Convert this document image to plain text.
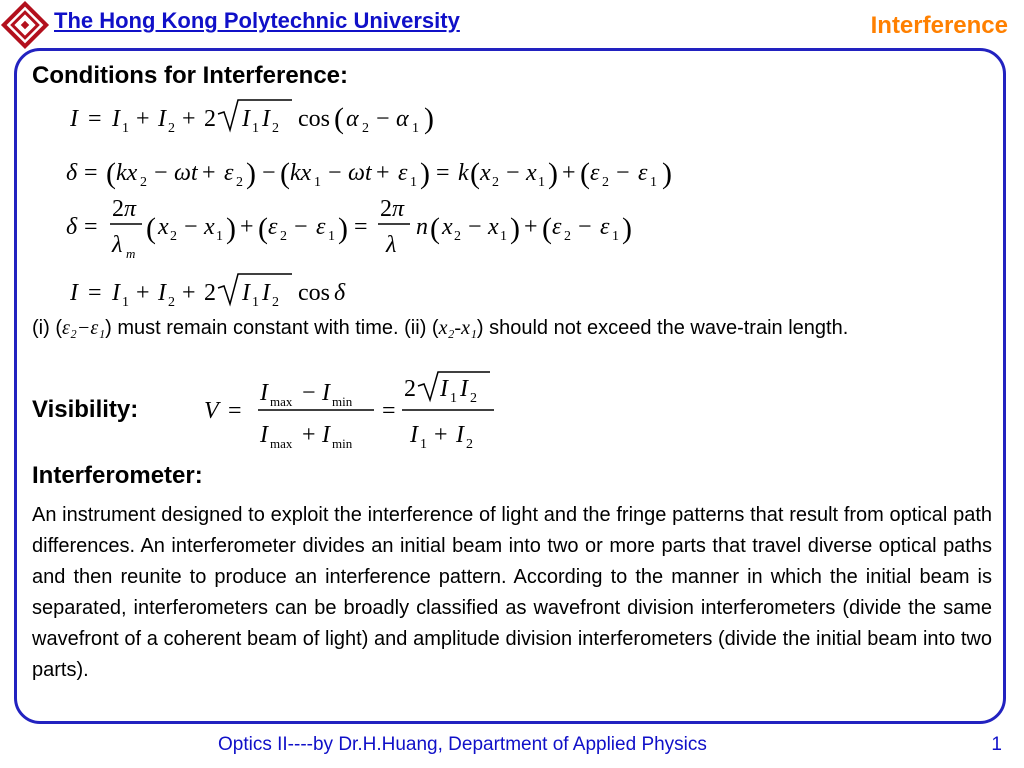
The Hong Kong Polytechnic University	Interference
Conditions for Interference:
I = I 1 + I 2 + 2 I 1 I 2 cos ( α 2 − α 1 )
δ = ( kx 2 − ωt + ε 2 ) − ( kx 1 − ωt + ε 1 ) = k ( x 2 − x 1 ) + ( ε 2 − ε 1 )
δ =
2 π
λ m
( x 2 − x 1 ) + ( ε 2 − ε 1 ) =
2 π
λ
n ( x 2 − x 1 ) + ( ε 2 − ε 1 )
I = I 1 + I 2 + 2 I 1 I 2 cos δ
(i) (ε₂−ε₁) must remain constant with time. (ii) (x₂-x₁) should not exceed the wave-train length.
Visibility:	V =
I max − I min
I max + I min
=
2 I 1 I 2
I 1 + I 2
Interferometer:
An instrument designed to exploit the interference of light and the fringe patterns that result from optical path differences. An interferometer divides an initial beam into two or more parts that travel diverse optical paths and then reunite to produce an interference pattern. According to the manner in which the initial beam is separated, interferometers can be broadly classified as wavefront division interferometers (divide the same wavefront of a coherent beam of light) and amplitude division interferometers (divide the initial beam into two parts).
Optics II----by Dr.H.Huang, Department of Applied Physics	1
